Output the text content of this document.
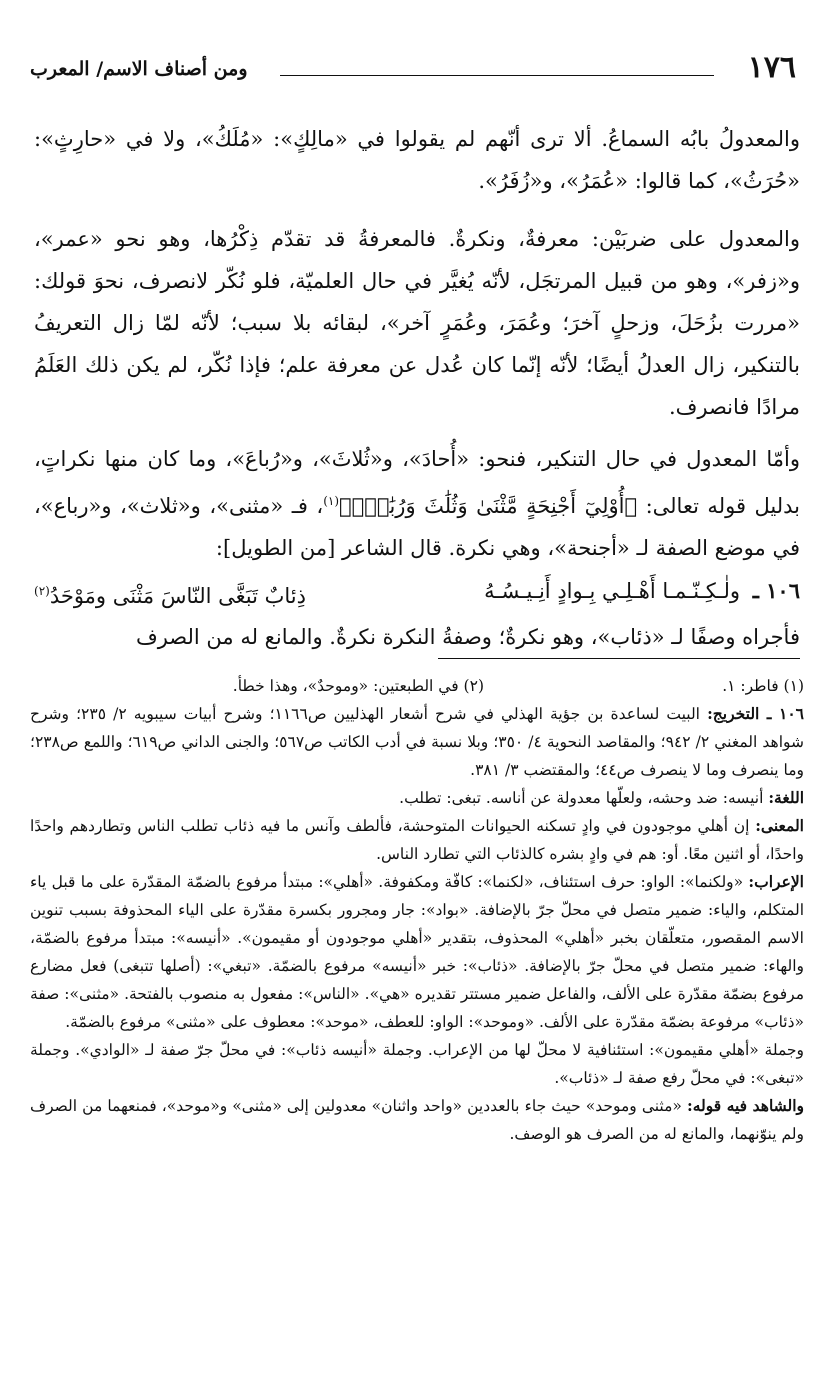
١٧٦
ومن أصناف الاسم/ المعرب

والمعدولُ بابُه السماعُ. ألا ترى أنّهم لم يقولوا في «مالِكٍ»: «مُلَكُ»، ولا في «حارِثٍ»: «حُرَثُ»، كما قالوا: «عُمَرُ»، و«زُفَرُ».

والمعدول على ضربَيْن: معرفةٌ، ونكرةٌ. فالمعرفةُ قد تقدّم ذِكْرُها، وهو نحو «عمر»، و«زفر»، وهو من قبيل المرتجَل، لأنّه يُغيَّر في حال العلميّة، فلو نُكّر لانصرف، نحوَ قولك: «مررت بزُحَلَ، وزحلٍ آخرَ؛ وعُمَرَ، وعُمَرٍ آخر»، لبقائه بلا سبب؛ لأنّه لمّا زال التعريفُ بالتنكير، زال العدلُ أيضًا؛ لأنّه إنّما كان عُدل عن معرفة علم؛ فإذا نُكّر، لم يكن ذلك العَلَمُ مرادًا فانصرف.

وأمّا المعدول في حال التنكير، فنحو: «أُحادَ»، و«ثُلاثَ»، و«رُباعَ»، وما كان منها نكراتٍ، بدليل قوله تعالى: ﴿أُوْلِيٓ أَجْنِحَةٍ مَّثْنَىٰ وَثُلَٰثَ وَرُبَٰعَۚ﴾$^{(١)}$، فـ «مثنى»، و«ثلاث»، و«رباع»، في موضع الصفة لـ «أجنحة»، وهي نكرة. قال الشاعر [من الطويل]:

١٠٦ ـ
ولٰـكِـنّـمـا أَهْـلِـي بِـوادٍ أَنِـيـسُـهُ
ذِئابٌ تَبَغَّى النّاسَ مَثْنَى ومَوْحَدُ$^{(٢)}$

فأجراه وصفًا لـ «ذئاب»، وهو نكرةٌ؛ وصفةُ النكرة نكرةٌ. والمانع له من الصرف

(١) فاطر: ١.
(٢) في الطبعتين: «وموحدٌ»، وهذا خطأ.

١٠٦ ـ التخريج: البيت لساعدة بن جؤية الهذلي في شرح أشعار الهذليين ص١١٦٦؛ وشرح أبيات سيبويه ٢/ ٢٣٥؛ وشرح شواهد المغني ٢/ ٩٤٢؛ والمقاصد النحوية ٤/ ٣٥٠؛ وبلا نسبة في أدب الكاتب ص٥٦٧؛ والجنى الداني ص٦١٩؛ واللمع ص٢٣٨؛ وما ينصرف وما لا ينصرف ص٤٤؛ والمقتضب ٣/ ٣٨١.

اللغة: أنيسه: ضد وحشه، ولعلّها معدولة عن أناسه. تبغى: تطلب.

المعنى: إن أهلي موجودون في وادٍ تسكنه الحيوانات المتوحشة، فألطف وآنس ما فيه ذئاب تطلب الناس وتطاردهم واحدًا واحدًا، أو اثنين معًا. أو: هم في وادٍ بشره كالذئاب التي تطارد الناس.

الإعراب: «ولكنما»: الواو: حرف استئناف، «لكنما»: كافّة ومكفوفة. «أهلي»: مبتدأ مرفوع بالضمّة المقدّرة على ما قبل ياء المتكلم، والياء: ضمير متصل في محلّ جرّ بالإضافة. «بواد»: جار ومجرور بكسرة مقدّرة على الياء المحذوفة بسبب تنوين الاسم المقصور، متعلّقان بخبر «أهلي» المحذوف، بتقدير «أهلي موجودون أو مقيمون». «أنيسه»: مبتدأ مرفوع بالضمّة، والهاء: ضمير متصل في محلّ جرّ بالإضافة. «ذئاب»: خبر «أنيسه» مرفوع بالضمّة. «تبغي»: (أصلها تتبغى) فعل مضارع مرفوع بضمّة مقدّرة على الألف، والفاعل ضمير مستتر تقديره «هي». «الناس»: مفعول به منصوب بالفتحة. «مثنى»: صفة «ذئاب» مرفوعة بضمّة مقدّرة على الألف. «وموحد»: الواو: للعطف، «موحد»: معطوف على «مثنى» مرفوع بالضمّة.

وجملة «أهلي مقيمون»: استئنافية لا محلّ لها من الإعراب. وجملة «أنيسه ذئاب»: في محلّ جرّ صفة لـ «الوادي». وجملة «تبغى»: في محلّ رفع صفة لـ «ذئاب».

والشاهد فيه قوله: «مثنى وموحد» حيث جاء بالعددين «واحد واثنان» معدولين إلى «مثنى» و«موحد»، فمنعهما من الصرف ولم ينوّنهما، والمانع له من الصرف هو الوصف.
